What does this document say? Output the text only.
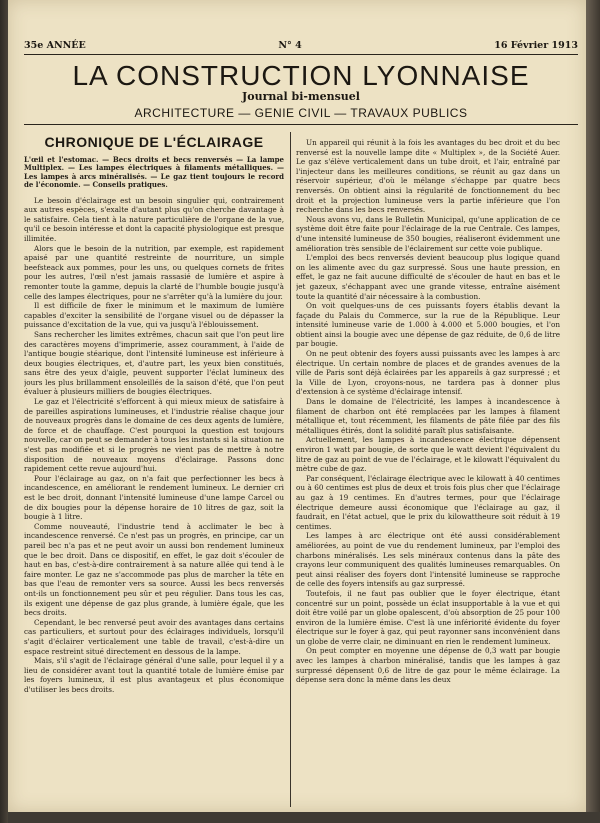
35e ANNÉE	N° 4	16 Février 1913
LA CONSTRUCTION LYONNAISE
Journal bi-mensuel
ARCHITECTURE — GENIE CIVIL — TRAVAUX PUBLICS
CHRONIQUE DE L'ÉCLAIRAGE
L'œil et l'estomac. — Becs droits et becs renversés — La lampe Multiplex. — Les lampes électriques à filaments métalliques. — Les lampes à arcs minéralisés. — Le gaz tient toujours le record de l'économie. — Conseils pratiques.

Le besoin d'éclairage est un besoin singulier qui, contrairement aux autres espèces, s'exalte d'autant plus qu'on cherche davantage à le satisfaire. Cela tient à la nature particulière de l'organe de la vue, qu'il ce besoin intéresse et dont la capacité physiologique est presque illimitée.

Alors que le besoin de la nutrition, par exemple, est rapidement apaisé par une quantité restreinte de nourriture, un simple beefsteack aux pommes, pour les uns, ou quelques cornets de frites pour les autres, l'œil n'est jamais rassasié de lumière et aspire à remonter toute la gamme, depuis la clarté de l'humble bougie jusqu'à celle des lampes électriques, pour ne s'arrêter qu'à la lumière du jour.

Il est difficile de fixer le minimum et le maximum de lumière capables d'exciter la sensibilité de l'organe visuel ou de dépasser la puissance d'excitation de la vue, qui va jusqu'à l'éblouissement.

Sans rechercher les limites extrêmes, chacun sait que l'on peut lire des caractères moyens d'imprimerie, assez couramment, à l'aide de l'antique bougie stéarique, dont l'intensité lumineuse est inférieure à deux bougies électriques, et, d'autre part, les yeux bien constitués, sans être des yeux d'aigle, peuvent supporter l'éclat lumineux des jours les plus brillamment ensoleillés de la saison d'été, que l'on peut évaluer à plusieurs milliers de bougies électriques.

Le gaz et l'électricité s'efforcent à qui mieux mieux de satisfaire à de pareilles aspirations lumineuses, et l'industrie réalise chaque jour de nouveaux progrès dans le domaine de ces deux agents de lumière, de force et de chauffage. C'est pourquoi la question est toujours nouvelle, car on peut se demander à tous les instants si la situation ne s'est pas modifiée et si le progrès ne vient pas de mettre à notre disposition de nouveaux moyens d'éclairage. Passons donc rapidement cette revue aujourd'hui.

Pour l'éclairage au gaz, on n'a fait que perfectionner les becs à incandescence, en améliorant le rendement lumineux. Le dernier cri est le bec droit, donnant l'intensité lumineuse d'une lampe Carcel ou de dix bougies pour la dépense horaire de 10 litres de gaz, soit la bougie à 1 litre.

Comme nouveauté, l'industrie tend à acclimater le bec à incandescence renversé. Ce n'est pas un progrès, en principe, car un pareil bec n'a pas et ne peut avoir un aussi bon rendement lumineux que le bec droit. Dans ce dispositif, en effet, le gaz doit s'écouler de haut en bas, c'est-à-dire contrairement à sa nature allée qui tend à le faire monter. Le gaz ne s'accommode pas plus de marcher la tête en bas que l'eau de remonter vers sa source. Aussi les becs renversés ont-ils un fonctionnement peu sûr et peu régulier. Dans tous les cas, ils exigent une dépense de gaz plus grande, à lumière égale, que les becs droits.

Cependant, le bec renversé peut avoir des avantages dans certains cas particuliers, et surtout pour des éclairages individuels, lorsqu'il s'agit d'éclairer verticalement une table de travail, c'est-à-dire un espace restreint situé directement en dessous de la lampe.

Mais, s'il s'agit de l'éclairage général d'une salle, pour lequel il y a lieu de considérer avant tout la quantité totale de lumière émise par les foyers lumineux, il est plus avantageux et plus économique d'utiliser les becs droits.

Un appareil qui réunit à la fois les avantages du bec droit et du bec renversé est la nouvelle lampe dite « Multiplex », de la Société Auer. Le gaz s'élève verticalement dans un tube droit, et l'air, entraîné par l'injecteur dans les meilleures conditions, se réunit au gaz dans un réservoir supérieur, d'où le mélange s'échappe par quatre becs renversés. On obtient ainsi la régularité de fonctionnement du bec droit et la projection lumineuse vers la partie inférieure que l'on recherche dans les becs renversés.

Nous avons vu, dans le Bulletin Municipal, qu'une application de ce système doit être faite pour l'éclairage de la rue Centrale. Ces lampes, d'une intensité lumineuse de 350 bougies, réaliseront évidemment une amélioration très sensible de l'éclairement sur cette voie publique.

L'emploi des becs renversés devient beaucoup plus logique quand on les alimente avec du gaz surpressé. Sous une haute pression, en effet, le gaz ne fait aucune difficulté de s'écouler de haut en bas et le jet gazeux, s'échappant avec une grande vitesse, entraîne aisément toute la quantité d'air nécessaire à la combustion.

On voit quelques-uns de ces puissants foyers établis devant la façade du Palais du Commerce, sur la rue de la République. Leur intensité lumineuse varie de 1.000 à 4.000 et 5.000 bougies, et l'on obtient ainsi la bougie avec une dépense de gaz réduite, de 0,6 de litre par bougie.

On ne peut obtenir des foyers aussi puissants avec les lampes à arc électrique. Un certain nombre de places et de grandes avenues de la ville de Paris sont déjà éclairées par les appareils à gaz surpressé ; et la Ville de Lyon, croyons-nous, ne tardera pas à donner plus d'extension à ce système d'éclairage intensif.

Dans le domaine de l'électricité, les lampes à incandescence à filament de charbon ont été remplacées par les lampes à filament métallique et, tout récemment, les filaments de pâte filée par des fils métalliques étirés, dont la solidité paraît plus satisfaisante.

Actuellement, les lampes à incandescence électrique dépensent environ 1 watt par bougie, de sorte que le watt devient l'équivalent du litre de gaz au point de vue de l'éclairage, et le kilowatt l'équivalent du mètre cube de gaz.

Par conséquent, l'éclairage électrique avec le kilowatt à 40 centimes ou à 60 centimes est plus de deux et trois fois plus cher que l'éclairage au gaz à 19 centimes. En d'autres termes, pour que l'éclairage électrique demeure aussi économique que l'éclairage au gaz, il faudrait, en l'état actuel, que le prix du kilowattheure soit réduit à 19 centimes.

Les lampes à arc électrique ont été aussi considérablement améliorées, au point de vue du rendement lumineux, par l'emploi des charbons minéralisés. Les sels minéraux contenus dans la pâte des crayons leur communiquent des qualités lumineuses remarquables. On peut ainsi réaliser des foyers dont l'intensité lumineuse se rapproche de celle des foyers intensifs au gaz surpressé.

Toutefois, il ne faut pas oublier que le foyer électrique, étant concentré sur un point, possède un éclat insupportable à la vue et qui doit être voilé par un globe opalescent, d'où absorption de 25 pour 100 environ de la lumière émise. C'est là une infériorité évidente du foyer électrique sur le foyer à gaz, qui peut rayonner sans inconvénient dans un globe de verre clair, ne diminuant en rien le rendement lumineux.

On peut compter en moyenne une dépense de 0,3 watt par bougie avec les lampes à charbon minéralisé, tandis que les lampes à gaz surpressé dépensent 0,6 de litre de gaz pour le même éclairage. La dépense sera donc la même dans les deux
